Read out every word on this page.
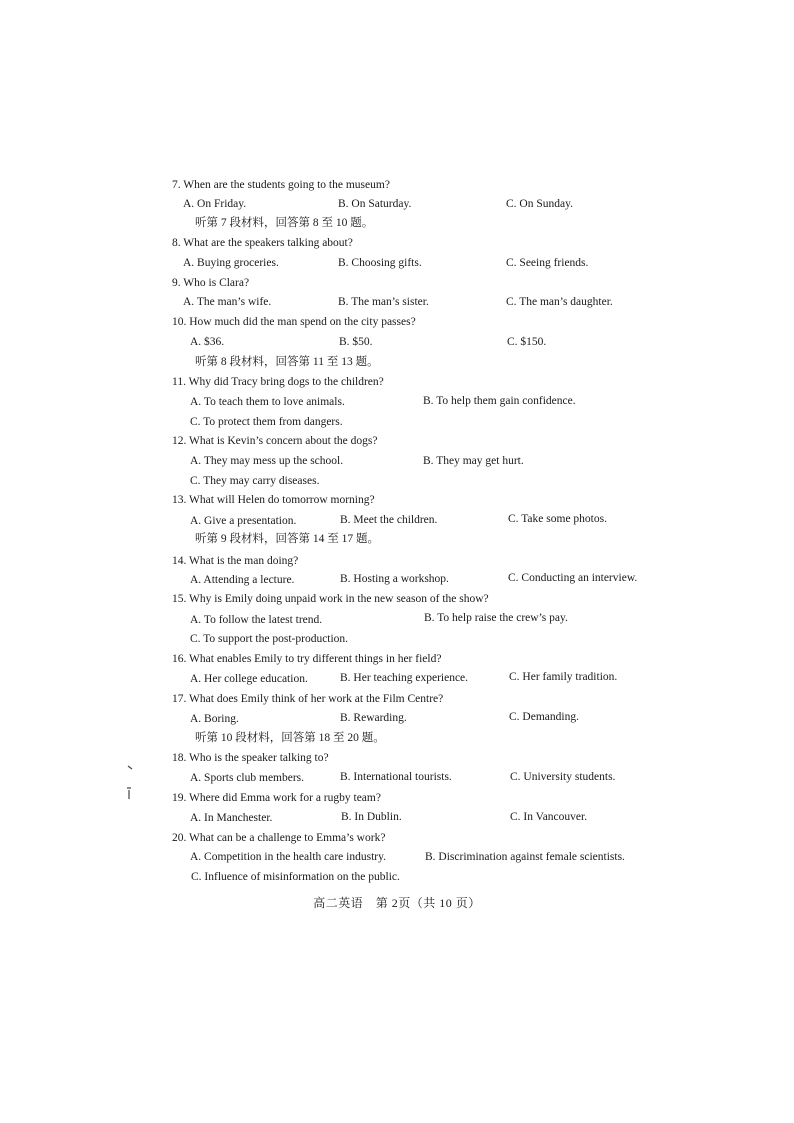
7. When are the students going to the museum?
A. On Friday.	B. On Saturday.	C. On Sunday.
听第 7 段材料，回答第 8 至 10 题。
8. What are the speakers talking about?
A. Buying groceries.	B. Choosing gifts.	C. Seeing friends.
9. Who is Clara?
A. The man’s wife.	B. The man’s sister.	C. The man’s daughter.
10. How much did the man spend on the city passes?
A. $36.	B. $50.	C. $150.
听第 8 段材料，回答第 11 至 13 题。
11. Why did Tracy bring dogs to the children?
A. To teach them to love animals.	B. To help them gain confidence.
C. To protect them from dangers.
12. What is Kevin’s concern about the dogs?
A. They may mess up the school.	B. They may get hurt.
C. They may carry diseases.
13. What will Helen do tomorrow morning?
A. Give a presentation.	B. Meet the children.	C. Take some photos.
听第 9 段材料，回答第 14 至 17 题。
14. What is the man doing?
A. Attending a lecture.	B. Hosting a workshop.	C. Conducting an interview.
15. Why is Emily doing unpaid work in the new season of the show?
A. To follow the latest trend.	B. To help raise the crew’s pay.
C. To support the post-production.
16. What enables Emily to try different things in her field?
A. Her college education.	B. Her teaching experience.	C. Her family tradition.
17. What does Emily think of her work at the Film Centre?
A. Boring.	B. Rewarding.	C. Demanding.
听第 10 段材料，回答第 18 至 20 题。
18. Who is the speaker talking to?
A. Sports club members.	B. International tourists.	C. University students.
19. Where did Emma work for a rugby team?
A. In Manchester.	B. In Dublin.	C. In Vancouver.
20. What can be a challenge to Emma’s work?
A. Competition in the health care industry.	B. Discrimination against female scientists.
C. Influence of misinformation on the public.
高二英语　第 2页（共 10 页）
